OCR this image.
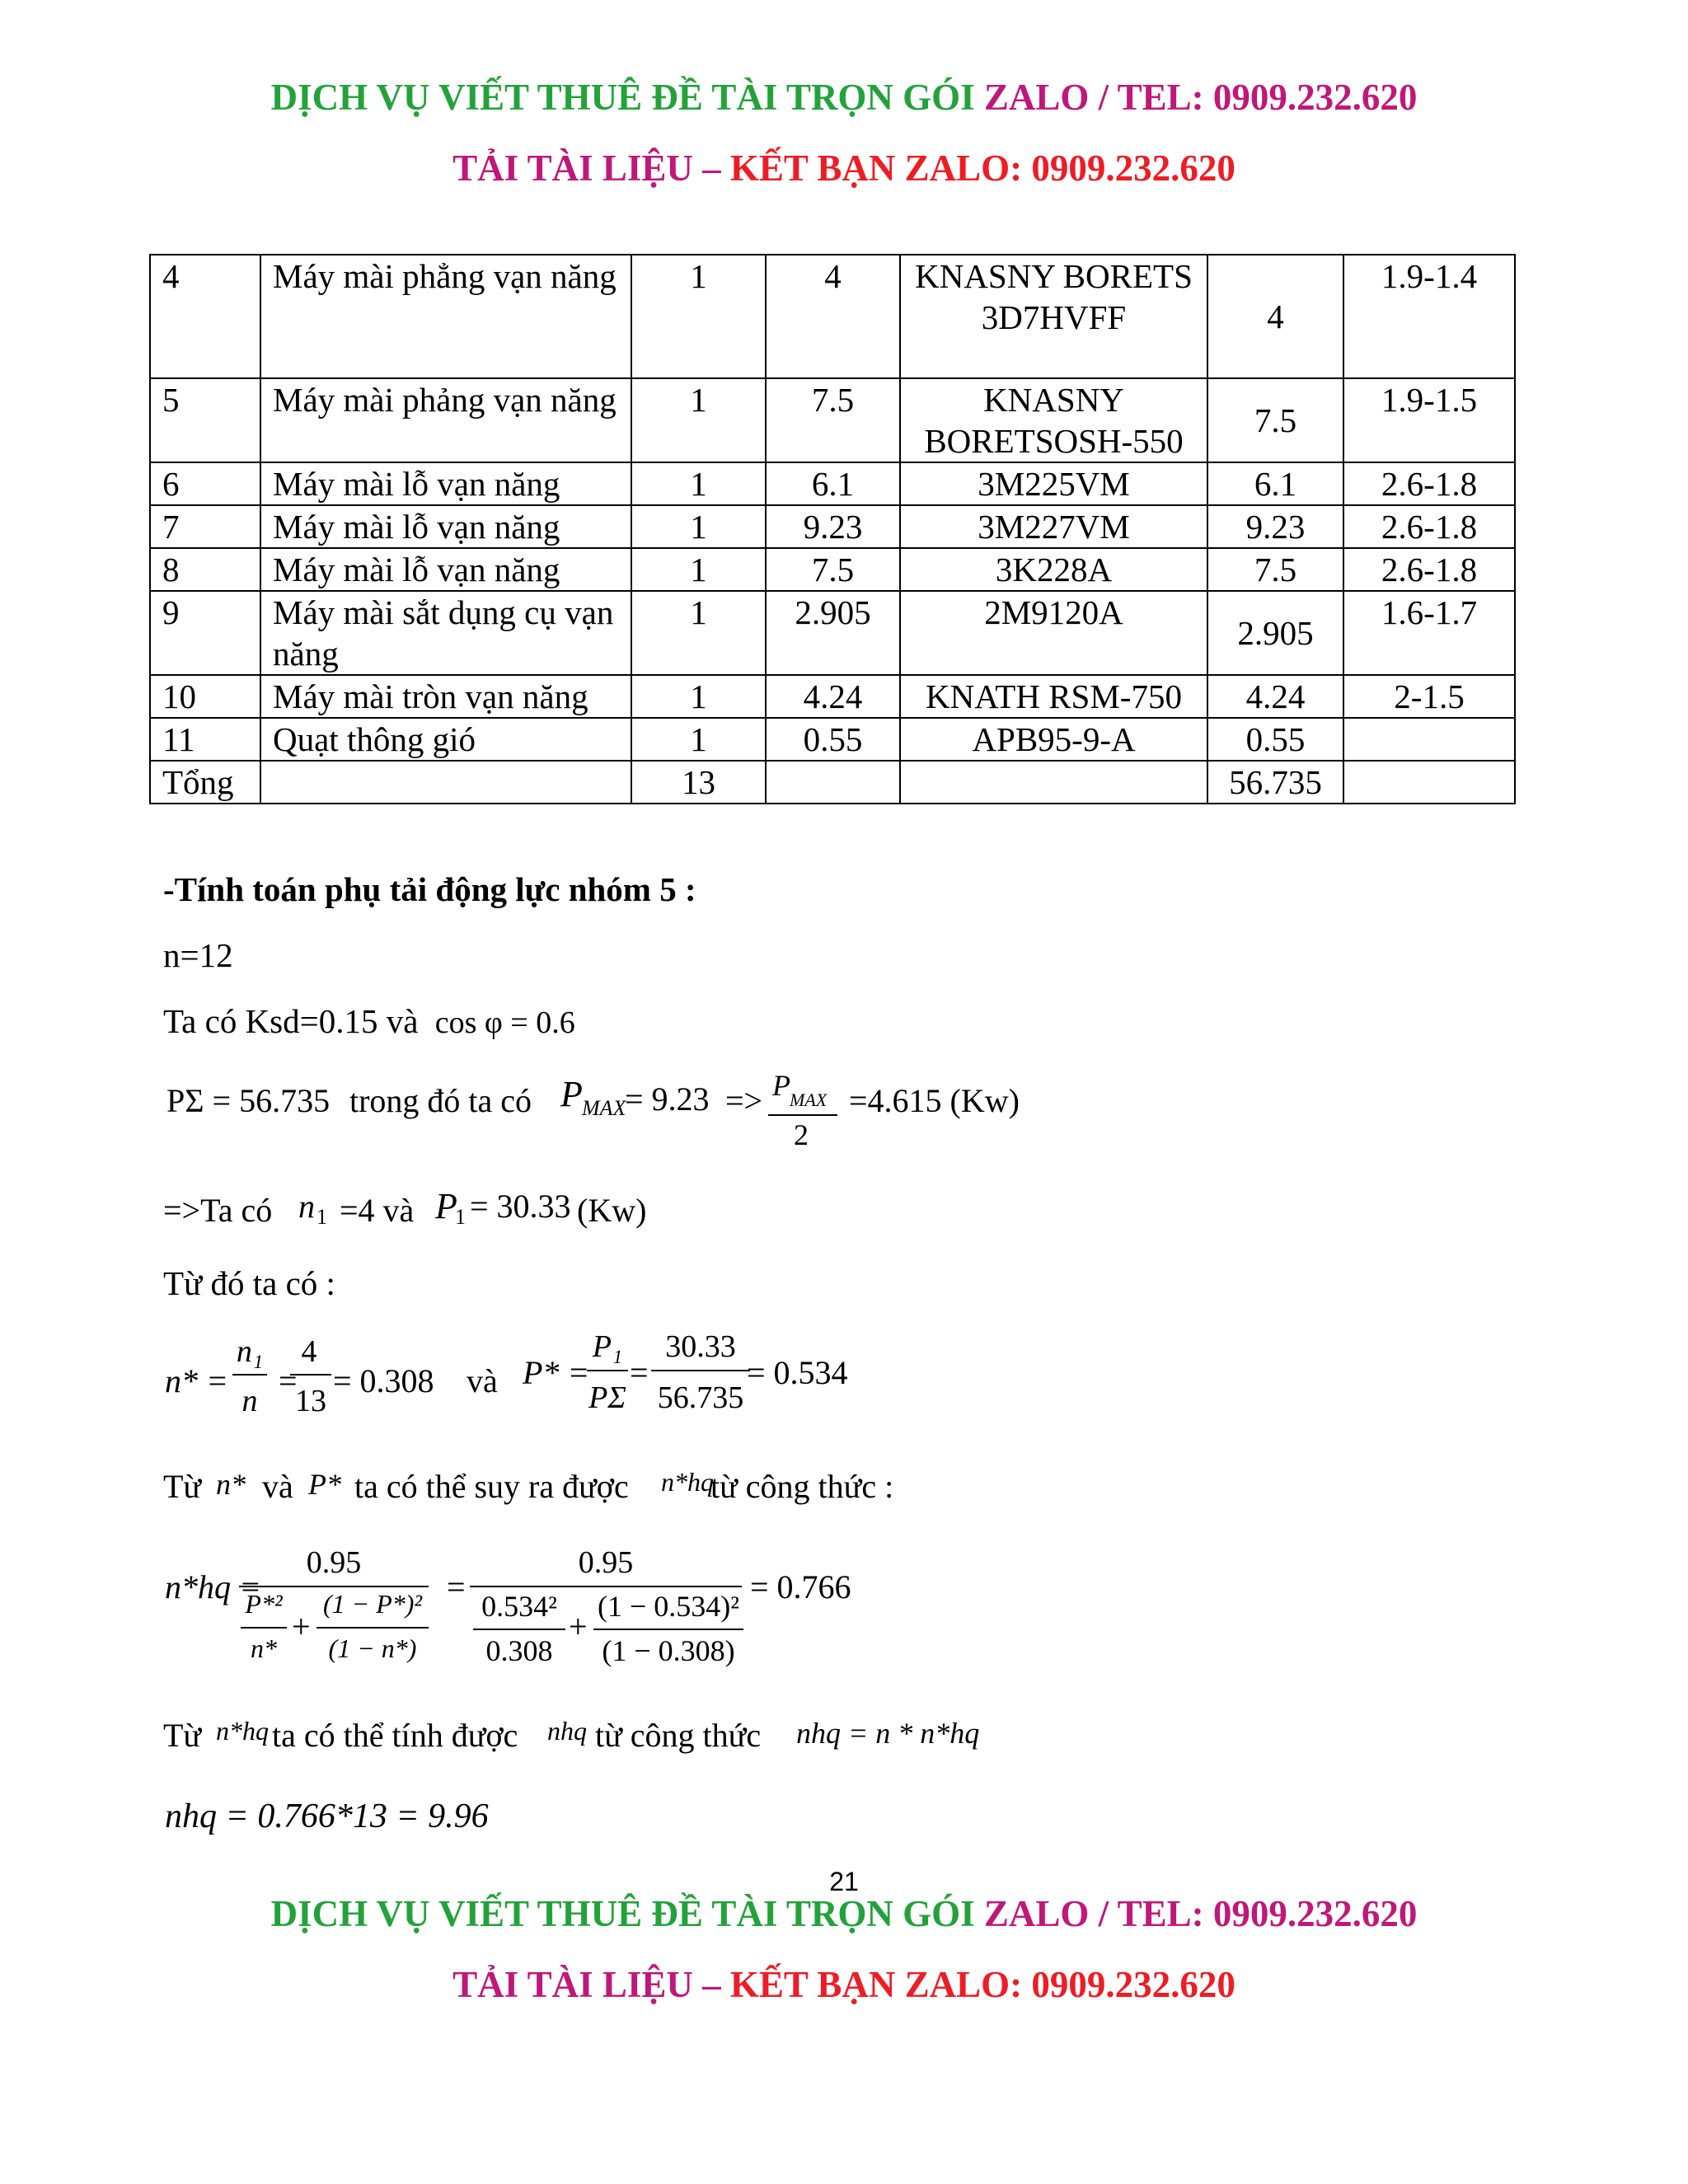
DỊCH VỤ VIẾT THUÊ ĐỀ TÀI TRỌN GÓI ZALO / TEL: 0909.232.620
TẢI TÀI LIỆU – KẾT BẠN ZALO: 0909.232.620
4	Máy mài phẳng vạn năng	1	4	KNASNY BORETS 3D7HVFF	4	1.9-1.4
5	Máy mài phảng vạn năng	1	7.5	KNASNY BORETSOSH-550	7.5	1.9-1.5
6	Máy mài lỗ vạn năng	1	6.1	3M225VM	6.1	2.6-1.8
7	Máy mài lỗ vạn năng	1	9.23	3M227VM	9.23	2.6-1.8
8	Máy mài lỗ vạn năng	1	7.5	3K228A	7.5	2.6-1.8
9	Máy mài sắt dụng cụ vạn năng	1	2.905	2M9120A	2.905	1.6-1.7
10	Máy mài tròn vạn năng	1	4.24	KNATH RSM-750	4.24	2-1.5
11	Quạt thông gió	1	0.55	APB95-9-A	0.55	
Tổng		13			56.735	
-Tính toán phụ tải động lực nhóm 5 :
n=12
Ta có Ksd=0.15 và cos φ = 0.6
PΣ = 56.735 trong đó ta có P MAX
= 9.23 => P MAX
2
=4.615 (Kw)
=>Ta có n 1 =4 và P
1 = 30.33 (Kw)
Từ đó ta có :
n* =
n₁
n
=
4
13
= 0.308 và P* =
P₁
PΣ
=
30.33
56.735
= 0.534
Từ n* và P* ta có thể suy ra được n*hq
từ công thức :
n*hq =
0.95
P*²
n*
+
(1 − P*)²
(1 − n*)
=
0.95
0.534²
0.308
+
(1 − 0.534)²
(1 − 0.308)
= 0.766
Từ n*hq ta có thể tính được nhq từ công thức nhq = n * n*hq
nhq = 0.766*13 = 9.96
21
DỊCH VỤ VIẾT THUÊ ĐỀ TÀI TRỌN GÓI ZALO / TEL: 0909.232.620
TẢI TÀI LIỆU – KẾT BẠN ZALO: 0909.232.620
